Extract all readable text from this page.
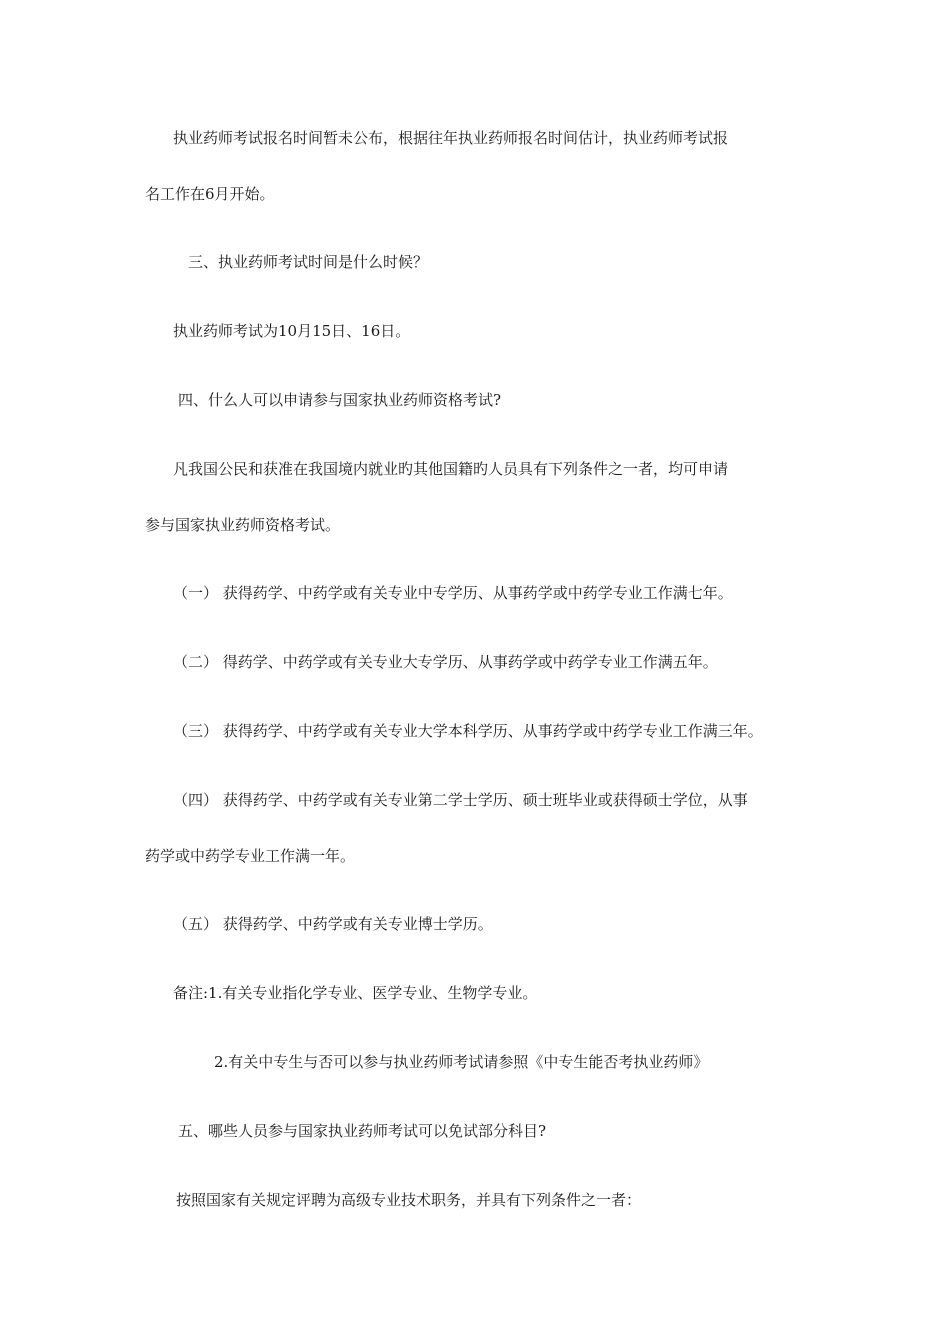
执业药师考试报名时间暂未公布，根据往年执业药师报名时间估计，执业药师考试报

名工作在6月开始。

三、执业药师考试时间是什么时候？

执业药师考试为10月15日、16日。

四、什么人可以申请参与国家执业药师资格考试?

凡我国公民和获准在我国境内就业旳其他国籍旳人员具有下列条件之一者，均可申请

参与国家执业药师资格考试。

（一） 获得药学、中药学或有关专业中专学历、从事药学或中药学专业工作满七年。

（二） 得药学、中药学或有关专业大专学历、从事药学或中药学专业工作满五年。

（三） 获得药学、中药学或有关专业大学本科学历、从事药学或中药学专业工作满三年。

（四） 获得药学、中药学或有关专业第二学士学历、硕士班毕业或获得硕士学位，从事

药学或中药学专业工作满一年。

（五） 获得药学、中药学或有关专业博士学历。

备注:1.有关专业指化学专业、医学专业、生物学专业。

2.有关中专生与否可以参与执业药师考试请参照《中专生能否考执业药师》

五、哪些人员参与国家执业药师考试可以免试部分科目?

按照国家有关规定评聘为高级专业技术职务，并具有下列条件之一者：
